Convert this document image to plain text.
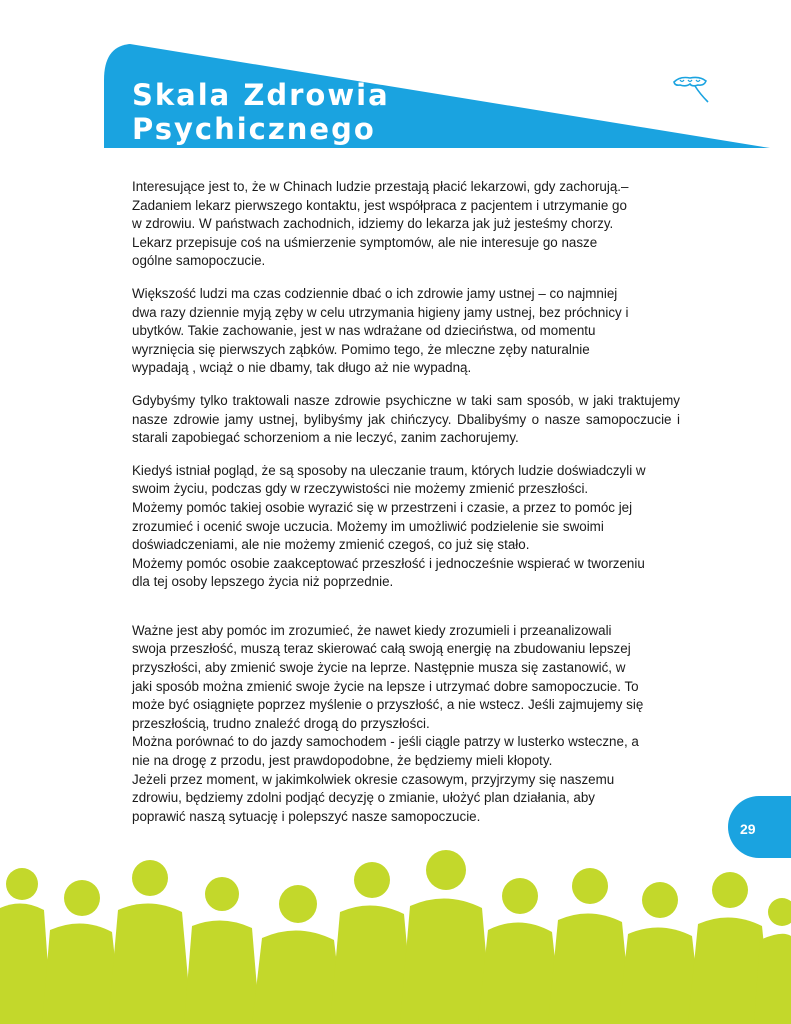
Skala Zdrowia
Psychicznego

Interesujące jest to, że w Chinach ludzie przestają płacić lekarzowi, gdy zachorują.–
Zadaniem lekarz pierwszego kontaktu, jest współpraca z pacjentem i utrzymanie go
w zdrowiu. W państwach zachodnich, idziemy do lekarza jak już jesteśmy chorzy.
Lekarz przepisuje coś na uśmierzenie symptomów, ale nie interesuje go nasze
ogólne samopoczucie.

Większość ludzi ma czas codziennie dbać o ich zdrowie jamy ustnej – co najmniej
dwa razy dziennie myją zęby w celu utrzymania higieny jamy ustnej, bez próchnicy i
ubytków. Takie zachowanie, jest w nas wdrażane od dzieciństwa, od momentu
wyrznięcia się pierwszych ząbków. Pomimo tego, że mleczne zęby naturalnie
wypadają , wciąż o nie dbamy, tak długo aż nie wypadną.

Gdybyśmy tylko traktowali nasze zdrowie psychiczne w taki sam sposób, w jaki traktujemy nasze zdrowie jamy ustnej, bylibyśmy jak chińczycy. Dbalibyśmy o nasze samopoczucie i starali zapobiegać schorzeniom a nie leczyć, zanim zachorujemy.

Kiedyś istniał pogląd, że są sposoby na uleczanie traum, których ludzie doświadczyli w
swoim życiu, podczas gdy w rzeczywistości nie możemy zmienić przeszłości.
Możemy pomóc takiej osobie wyrazić się w przestrzeni i czasie, a przez to pomóc jej
zrozumieć i ocenić swoje uczucia. Możemy im umożliwić podzielenie sie swoimi
doświadczeniami, ale nie możemy zmienić czegoś, co już się stało.
Możemy pomóc osobie zaakceptować przeszłość i jednocześnie wspierać w tworzeniu
dla tej osoby lepszego życia niż poprzednie.

Ważne jest aby pomóc im zrozumieć, że nawet kiedy zrozumieli i przeanalizowali
swoja przeszłość, muszą teraz skierować całą swoją energię na zbudowaniu lepszej
przyszłości, aby zmienić swoje życie na leprze. Następnie musza się zastanowić, w
jaki sposób można zmienić swoje życie na lepsze i utrzymać dobre samopoczucie. To
może być osiągnięte poprzez myślenie o przyszłość, a nie wstecz. Jeśli zajmujemy się
przeszłością, trudno znaleźć drogą do przyszłości.
Można porównać to do jazdy samochodem - jeśli ciągle patrzy w lusterko wsteczne, a
nie na drogę z przodu, jest prawdopodobne, że będziemy mieli kłopoty.
Jeżeli przez moment, w jakimkolwiek okresie czasowym, przyjrzymy się naszemu
zdrowiu, będziemy zdolni podjąć decyzję o zmianie, ułożyć plan działania, aby
poprawić naszą sytuację i polepszyć nasze samopoczucie.

29
